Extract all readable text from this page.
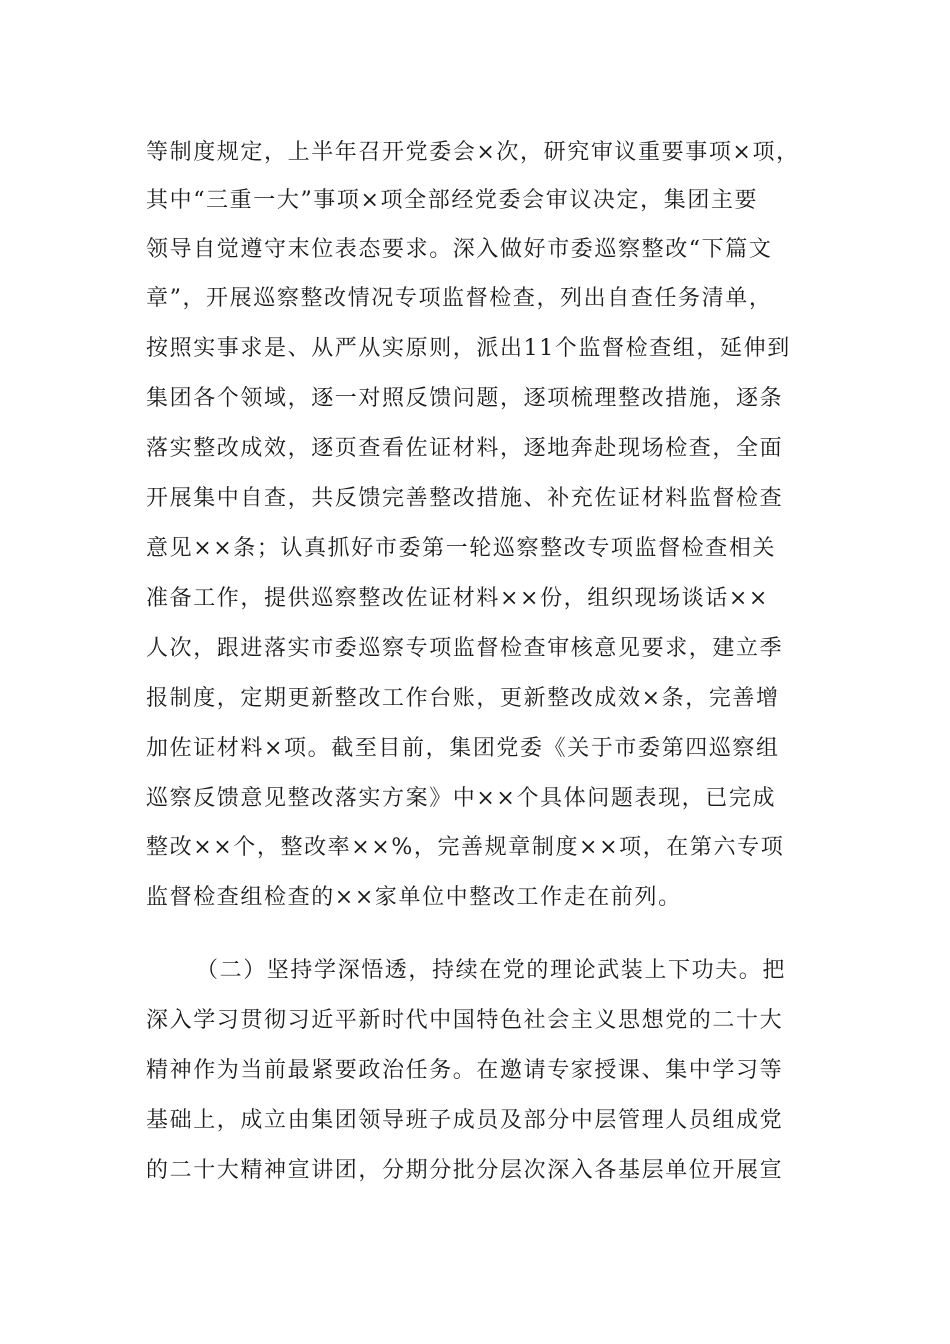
等制度规定，上半年召开党委会×次，研究审议重要事项×项，
其中“三重一大”事项×项全部经党委会审议决定，集团主要
领导自觉遵守末位表态要求。深入做好市委巡察整改“下篇文
章”，开展巡察整改情况专项监督检查，列出自查任务清单，
按照实事求是、从严从实原则，派出11个监督检查组，延伸到
集团各个领域，逐一对照反馈问题，逐项梳理整改措施，逐条
落实整改成效，逐页查看佐证材料，逐地奔赴现场检查，全面
开展集中自查，共反馈完善整改措施、补充佐证材料监督检查
意见××条；认真抓好市委第一轮巡察整改专项监督检查相关
准备工作，提供巡察整改佐证材料××份，组织现场谈话××
人次，跟进落实市委巡察专项监督检查审核意见要求，建立季
报制度，定期更新整改工作台账，更新整改成效×条，完善增
加佐证材料×项。截至目前，集团党委《关于市委第四巡察组
巡察反馈意见整改落实方案》中××个具体问题表现，已完成
整改××个，整改率××%，完善规章制度××项，在第六专项
监督检查组检查的××家单位中整改工作走在前列。
（二）坚持学深悟透，持续在党的理论武装上下功夫。把
深入学习贯彻习近平新时代中国特色社会主义思想党的二十大
精神作为当前最紧要政治任务。在邀请专家授课、集中学习等
基础上，成立由集团领导班子成员及部分中层管理人员组成党
的二十大精神宣讲团，分期分批分层次深入各基层单位开展宣
